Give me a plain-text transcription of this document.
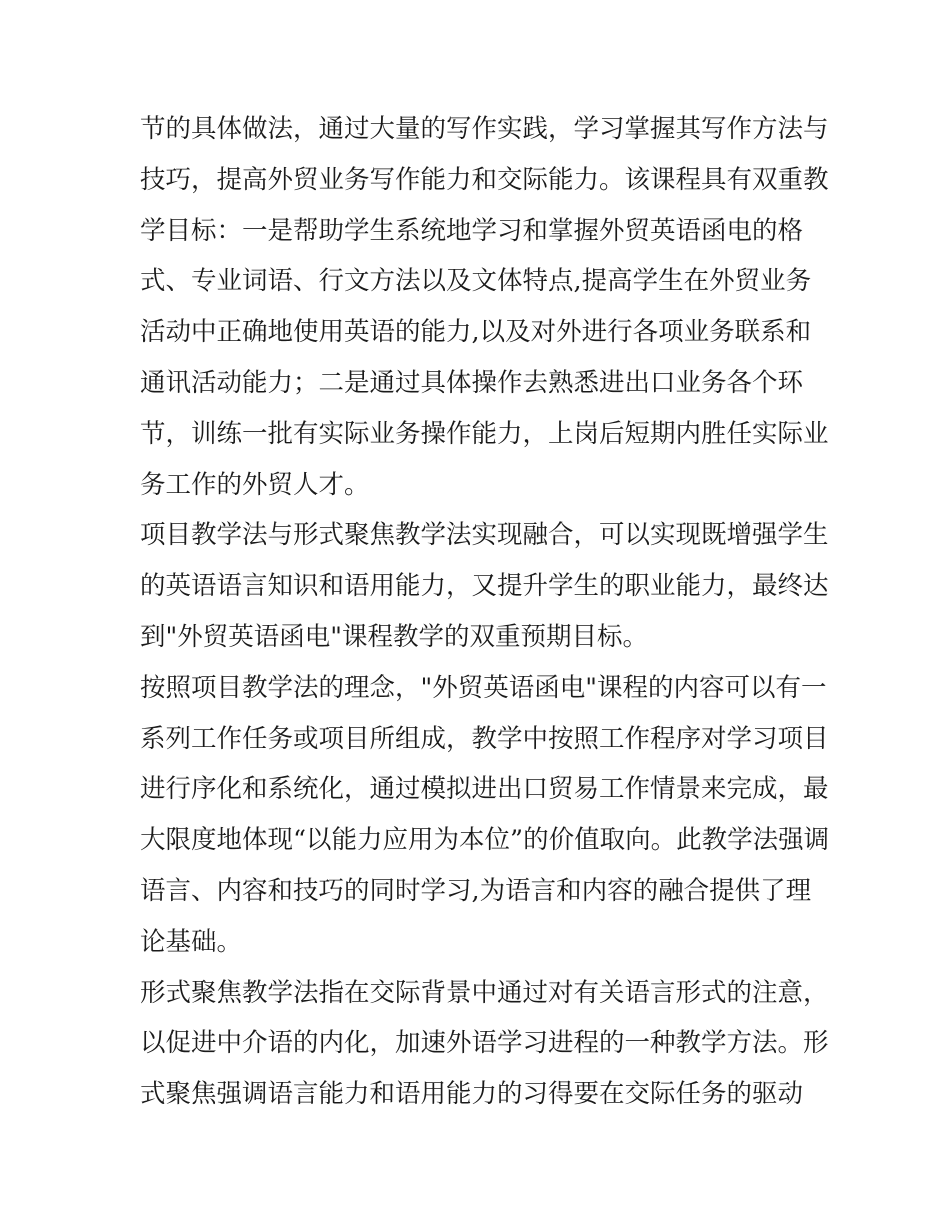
节的具体做法，通过大量的写作实践，学习掌握其写作方法与
技巧，提高外贸业务写作能力和交际能力。该课程具有双重教
学目标：一是帮助学生系统地学习和掌握外贸英语函电的格
式、专业词语、行文方法以及文体特点,提高学生在外贸业务
活动中正确地使用英语的能力,以及对外进行各项业务联系和
通讯活动能力；二是通过具体操作去熟悉进出口业务各个环
节，训练一批有实际业务操作能力，上岗后短期内胜任实际业
务工作的外贸人才。
项目教学法与形式聚焦教学法实现融合，可以实现既增强学生
的英语语言知识和语用能力，又提升学生的职业能力，最终达
到"外贸英语函电"课程教学的双重预期目标。
按照项目教学法的理念，"外贸英语函电"课程的内容可以有一
系列工作任务或项目所组成，教学中按照工作程序对学习项目
进行序化和系统化，通过模拟进出口贸易工作情景来完成，最
大限度地体现“以能力应用为本位”的价值取向。此教学法强调
语言、内容和技巧的同时学习,为语言和内容的融合提供了理
论基础。
形式聚焦教学法指在交际背景中通过对有关语言形式的注意，
以促进中介语的内化，加速外语学习进程的一种教学方法。形
式聚焦强调语言能力和语用能力的习得要在交际任务的驱动
